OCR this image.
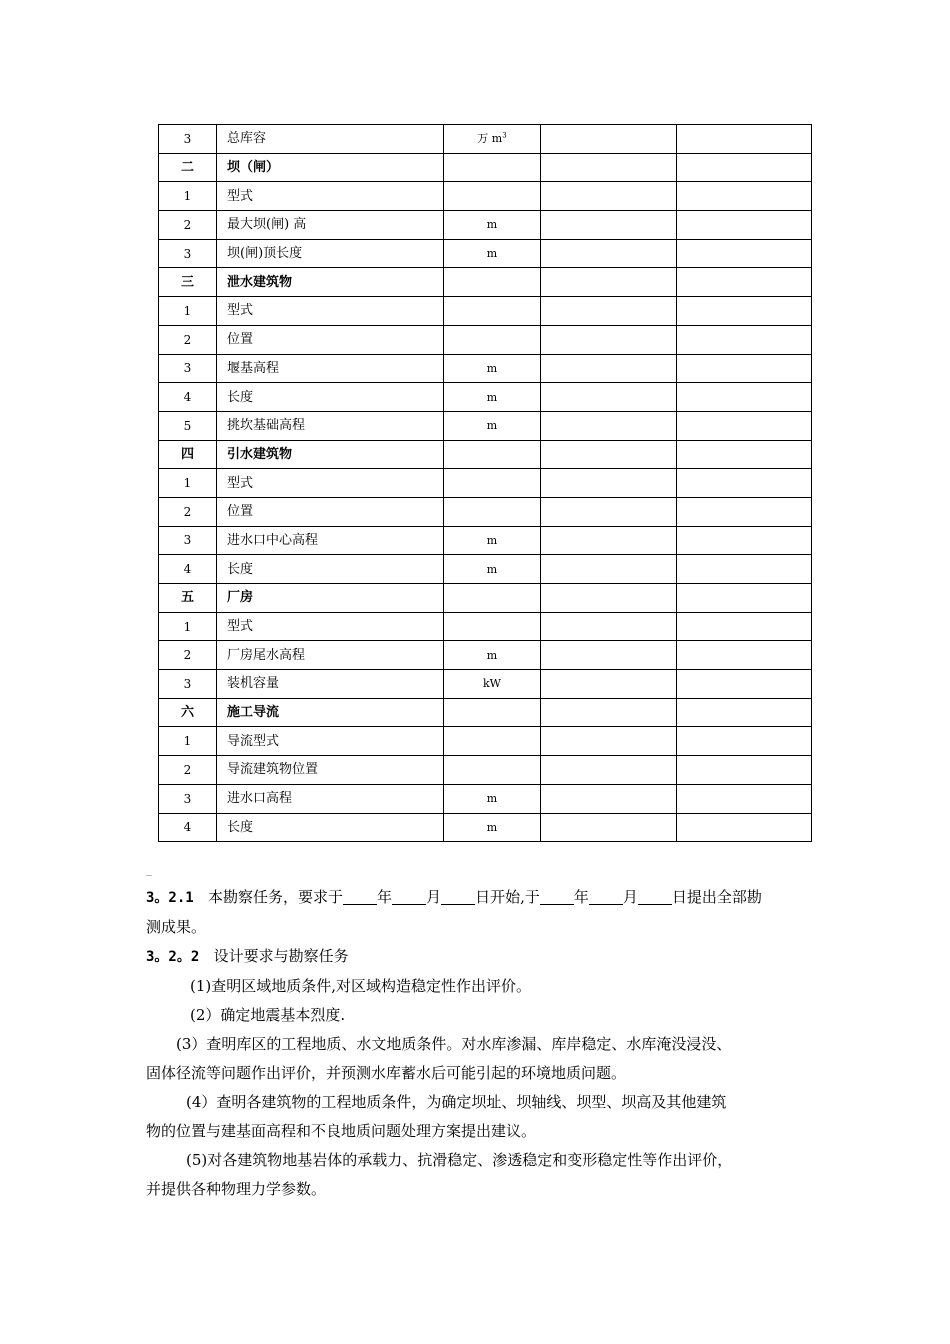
3	总库容	万 $m^3$		
二	坝（闸）			
1	型式			
2	最大坝(闸) 高	m		
3	坝(闸)顶长度	m		
三	泄水建筑物			
1	型式			
2	位置			
3	堰基高程	m		
4	长度	m		
5	挑坎基础高程	m		
四	引水建筑物			
1	型式			
2	位置			
3	进水口中心高程	m		
4	长度	m		
五	厂房			
1	型式			
2	厂房尾水高程	m		
3	装机容量	kW		
六	施工导流			
1	导流型式			
2	导流建筑物位置			
3	进水口高程	m		
4	长度	m		

3。2.1 本勘察任务，要求于 年 月 日开始,于 年 月 日提出全部勘

测成果。

3。2。2 设计要求与勘察任务

(1)查明区域地质条件,对区域构造稳定性作出评价。

(2）确定地震基本烈度.

(3）查明库区的工程地质、水文地质条件。对水库渗漏、库岸稳定、水库淹没浸没、

固体径流等问题作出评价，并预测水库蓄水后可能引起的环境地质问题。

(4）查明各建筑物的工程地质条件，为确定坝址、坝轴线、坝型、坝高及其他建筑

物的位置与建基面高程和不良地质问题处理方案提出建议。

(5)对各建筑物地基岩体的承载力、抗滑稳定、渗透稳定和变形稳定性等作出评价，

并提供各种物理力学参数。
